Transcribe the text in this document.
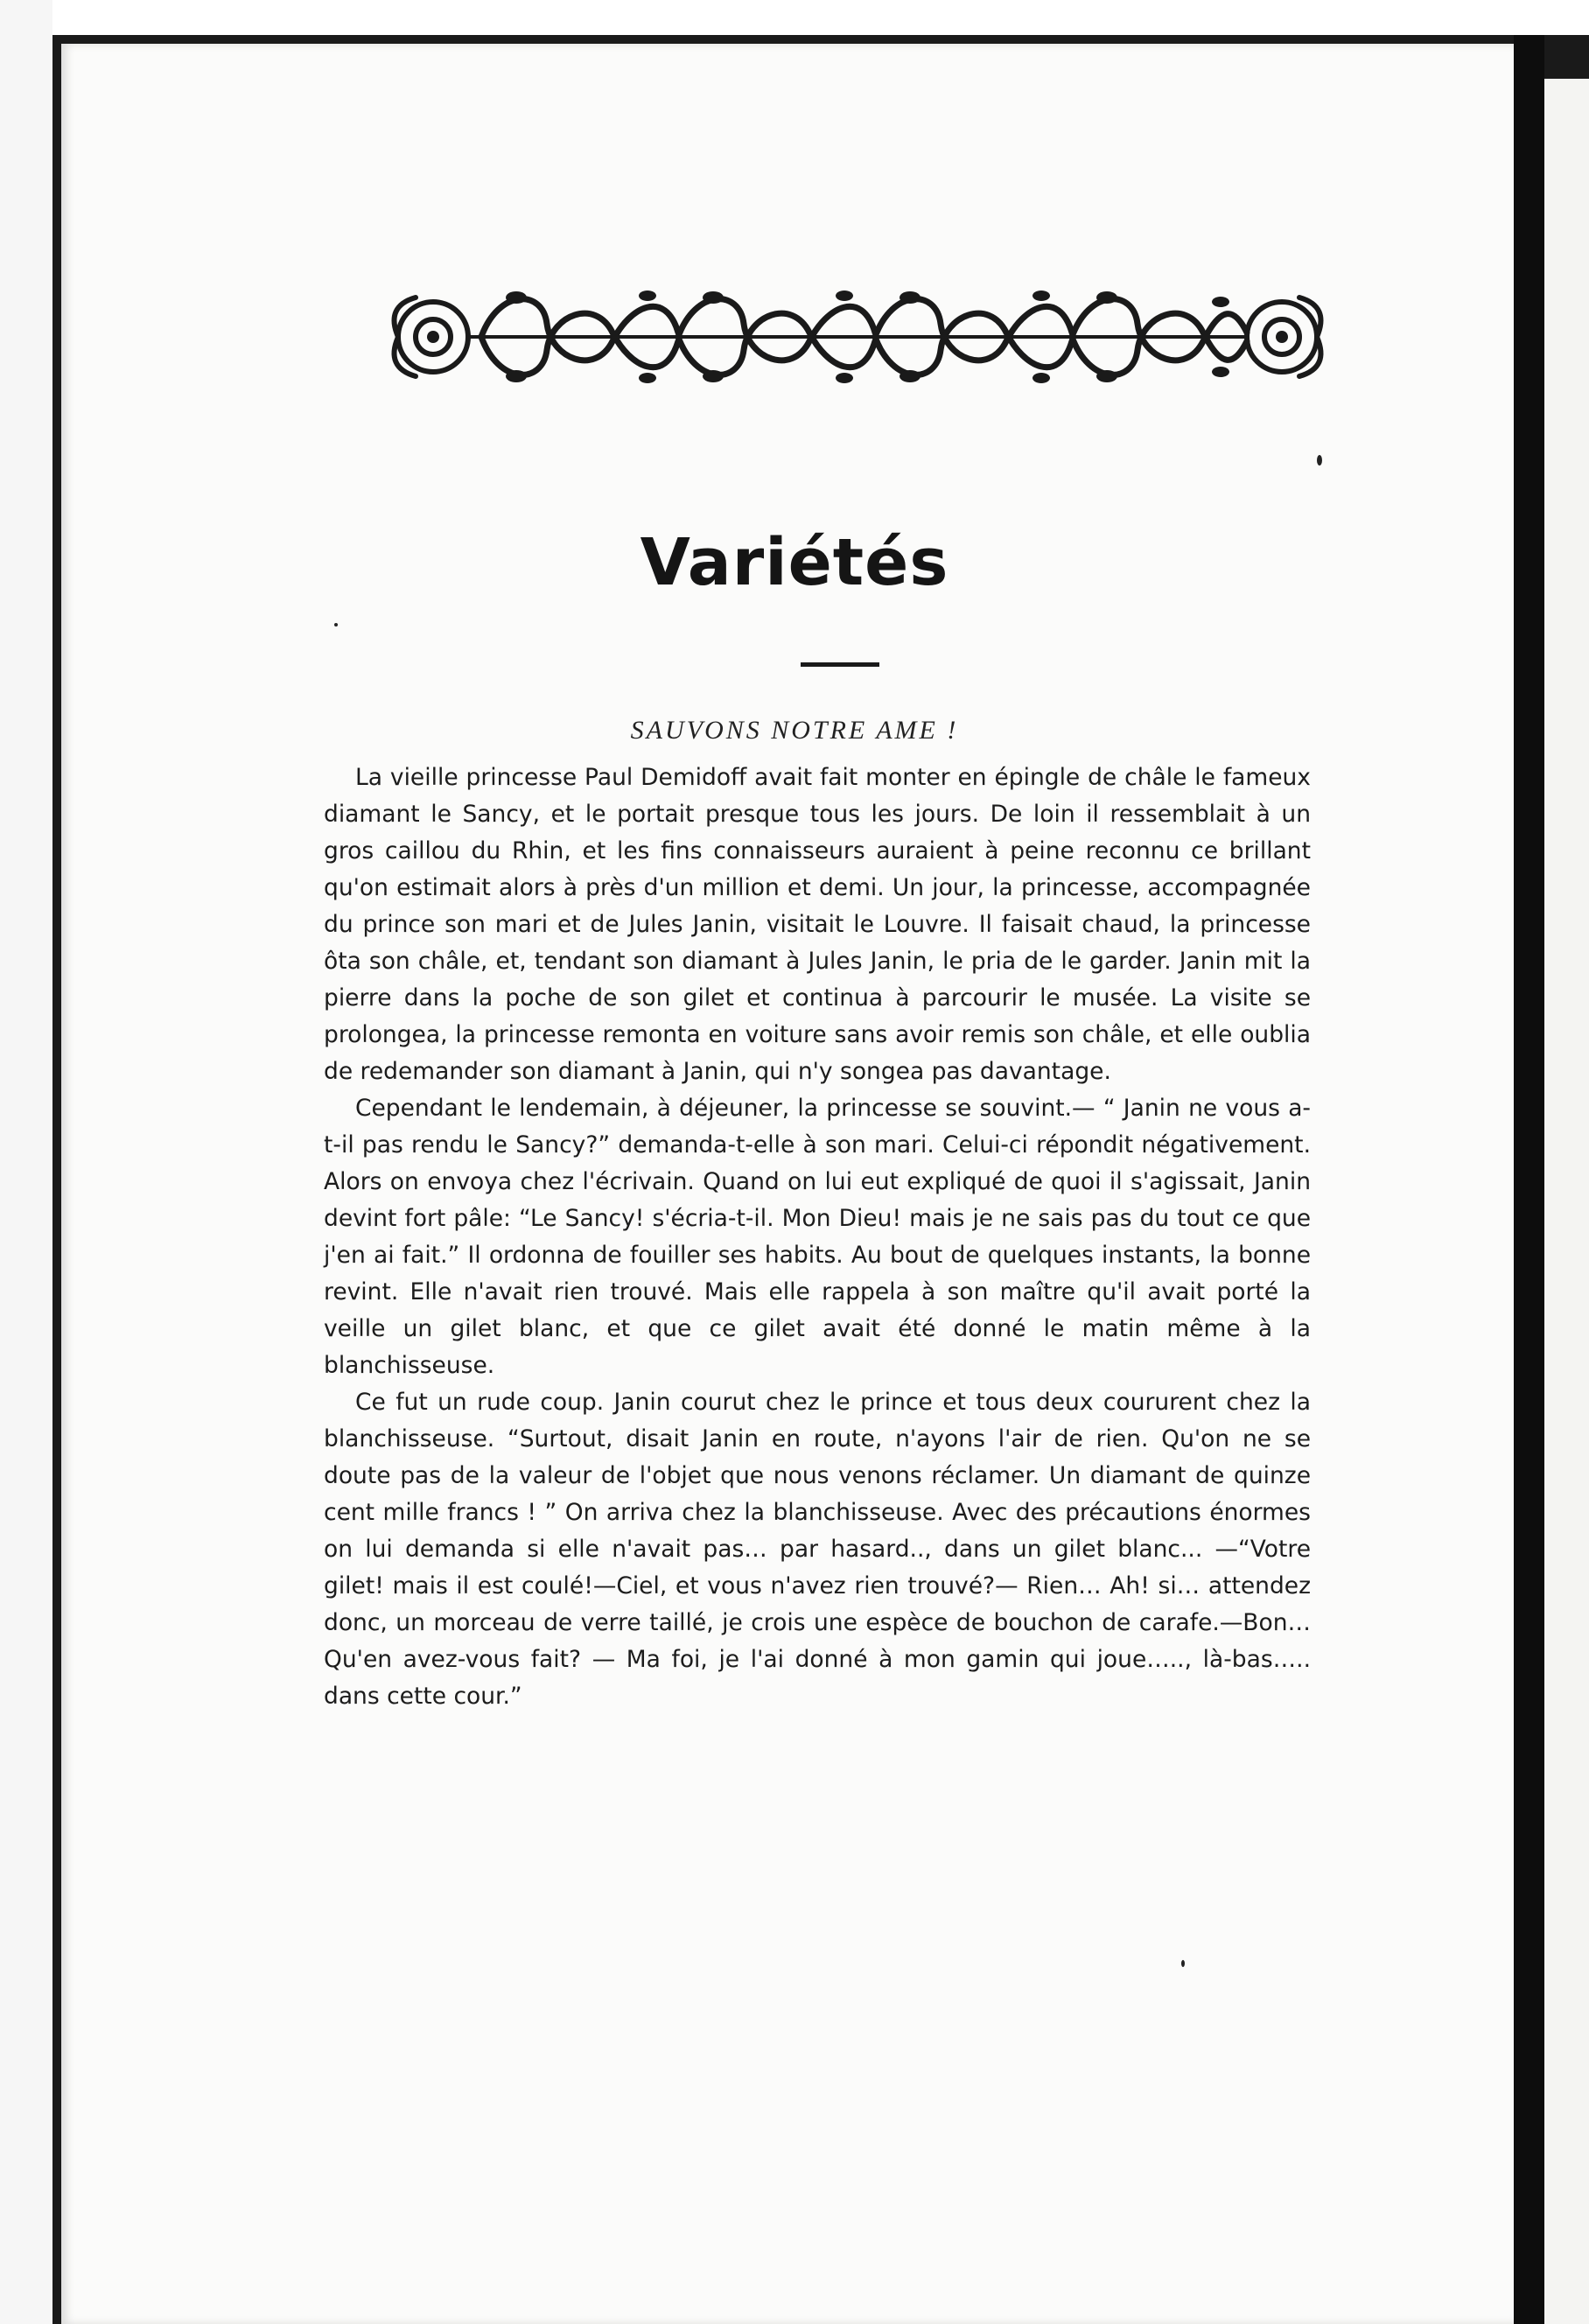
Variétés
SAUVONS NOTRE AME !

La vieille princesse Paul Demidoff avait fait monter en épingle de châle le fameux diamant le Sancy, et le portait presque tous les jours. De loin il ressemblait à un gros caillou du Rhin, et les fins connaisseurs auraient à peine reconnu ce brillant qu'on estimait alors à près d'un million et demi. Un jour, la princesse, accompagnée du prince son mari et de Jules Janin, visitait le Louvre. Il faisait chaud, la princesse ôta son châle, et, tendant son diamant à Jules Janin, le pria de le garder. Janin mit la pierre dans la poche de son gilet et continua à parcourir le musée. La visite se prolongea, la princesse remonta en voiture sans avoir remis son châle, et elle oublia de redemander son diamant à Janin, qui n'y songea pas davantage.

Cependant le lendemain, à déjeuner, la princesse se souvint.— “ Janin ne vous a-t-il pas rendu le Sancy?” demanda-t-elle à son mari. Celui-ci répondit négativement. Alors on envoya chez l'écrivain. Quand on lui eut expliqué de quoi il s'agissait, Janin devint fort pâle: “Le Sancy! s'écria-t-il. Mon Dieu! mais je ne sais pas du tout ce que j'en ai fait.” Il ordonna de fouiller ses habits. Au bout de quelques instants, la bonne revint. Elle n'avait rien trouvé. Mais elle rappela à son maître qu'il avait porté la veille un gilet blanc, et que ce gilet avait été donné le matin même à la blanchisseuse.

Ce fut un rude coup. Janin courut chez le prince et tous deux coururent chez la blanchisseuse. “Surtout, disait Janin en route, n'ayons l'air de rien. Qu'on ne se doute pas de la valeur de l'objet que nous venons réclamer. Un diamant de quinze cent mille francs ! ” On arriva chez la blanchisseuse. Avec des précautions énormes on lui demanda si elle n'avait pas… par hasard.., dans un gilet blanc... —“Votre gilet! mais il est coulé!—Ciel, et vous n'avez rien trouvé?— Rien… Ah! si… attendez donc, un morceau de verre taillé, je crois une espèce de bouchon de carafe.—Bon… Qu'en avez-vous fait? — Ma foi, je l'ai donné à mon gamin qui joue….., là-bas….. dans cette cour.”
